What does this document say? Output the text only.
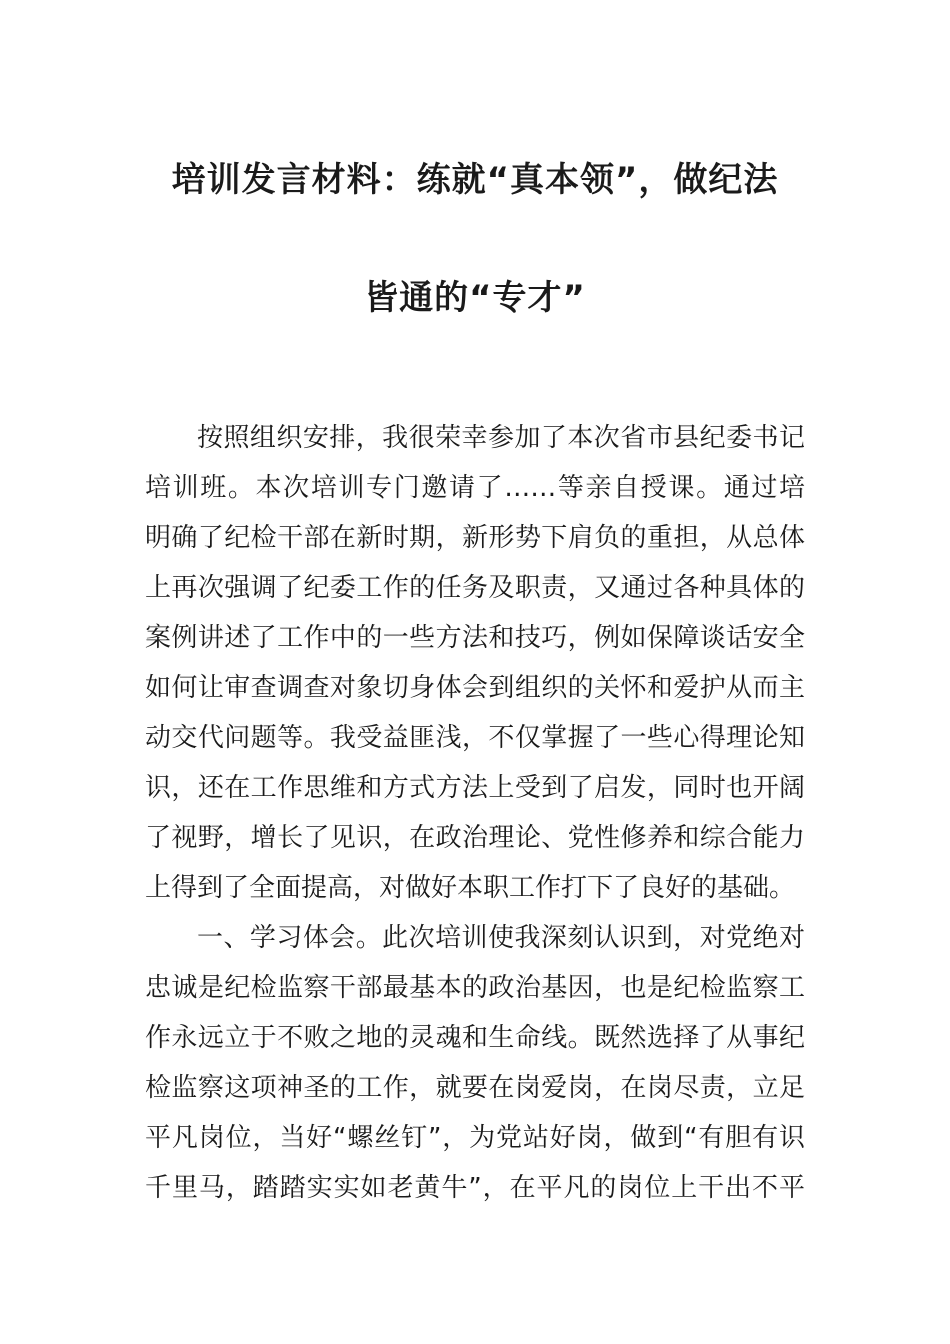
培训发言材料：练就“真本领”，做纪法
皆通的“专才”
按照组织安排，我很荣幸参加了本次省市县纪委书记
培训班。本次培训专门邀请了……等亲自授课。通过培
明确了纪检干部在新时期，新形势下肩负的重担，从总体
上再次强调了纪委工作的任务及职责，又通过各种具体的
案例讲述了工作中的一些方法和技巧，例如保障谈话安全
如何让审查调查对象切身体会到组织的关怀和爱护从而主
动交代问题等。我受益匪浅，不仅掌握了一些心得理论知
识，还在工作思维和方式方法上受到了启发，同时也开阔
了视野，增长了见识，在政治理论、党性修养和综合能力
上得到了全面提高，对做好本职工作打下了良好的基础。
一、学习体会。此次培训使我深刻认识到，对党绝对
忠诚是纪检监察干部最基本的政治基因，也是纪检监察工
作永远立于不败之地的灵魂和生命线。既然选择了从事纪
检监察这项神圣的工作，就要在岗爱岗，在岗尽责，立足
平凡岗位，当好“螺丝钉”，为党站好岗，做到“有胆有识
千里马，踏踏实实如老黄牛”，在平凡的岗位上干出不平
